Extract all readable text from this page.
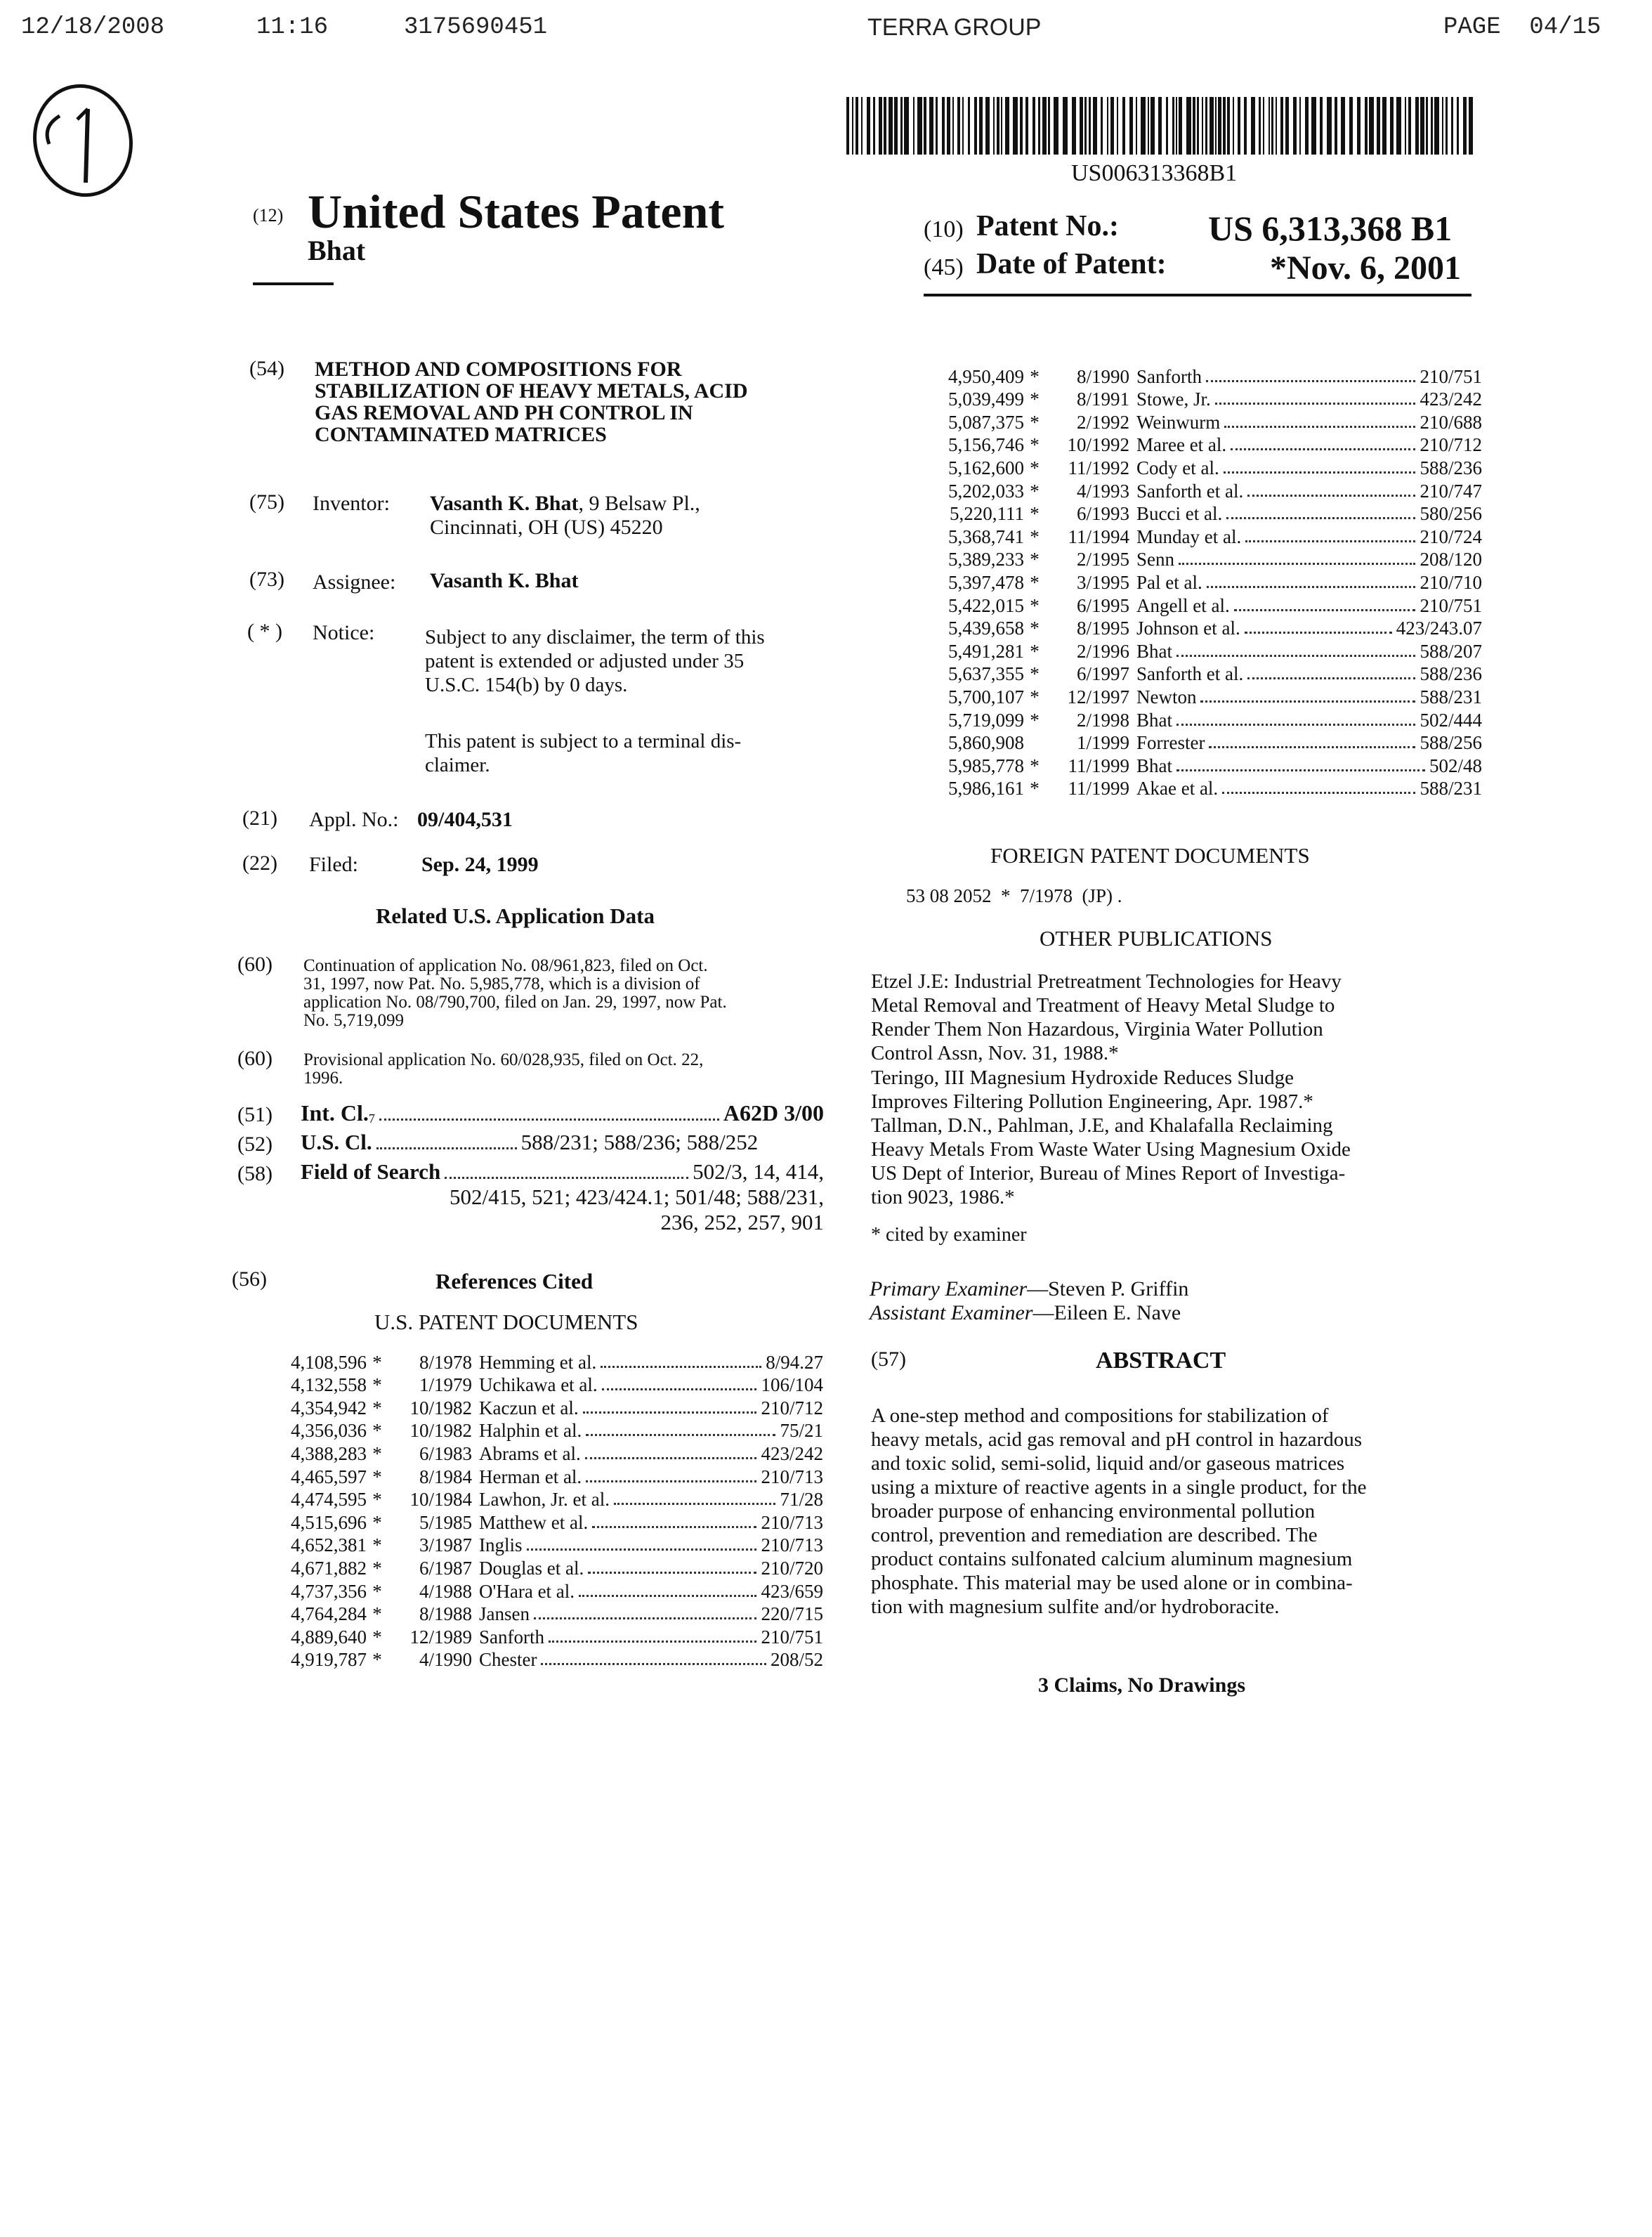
12/18/2008	11:16	3175690451	TERRA GROUP	PAGE  04/15
US006313368B1
(12) United States Patent
Bhat
(10) Patent No.:	US 6,313,368 B1
(45) Date of Patent:	*Nov. 6, 2001
(54) METHOD AND COMPOSITIONS FOR
STABILIZATION OF HEAVY METALS, ACID
GAS REMOVAL AND PH CONTROL IN
CONTAMINATED MATRICES
(75) Inventor: Vasanth K. Bhat, 9 Belsaw Pl.,
Cincinnati, OH (US) 45220
(73) Assignee: Vasanth K. Bhat
( * ) Notice: Subject to any disclaimer, the term of this
patent is extended or adjusted under 35
U.S.C. 154(b) by 0 days.
This patent is subject to a terminal dis-
claimer.
(21) Appl. No.: 09/404,531
(22) Filed:	Sep. 24, 1999
Related U.S. Application Data
(60) Continuation of application No. 08/961,823, filed on Oct.
31, 1997, now Pat. No. 5,985,778, which is a division of
application No. 08/790,700, filed on Jan. 29, 1997, now Pat.
No. 5,719,099
(60) Provisional application No. 60/028,935, filed on Oct. 22,
1996.
(51) Int. $Cl._7$	A62D 3/00
(52) U.S. Cl.	588/231; 588/236; 588/252
(58) Field of Search	502/3, 14, 414,
502/415, 521; 423/424.1; 501/48; 588/231,
236, 252, 257, 901
(56)	References Cited
U.S. PATENT DOCUMENTS
4,108,596 *	8/1978 Hemming et al.	8/94.27
4,132,558 *	1/1979 Uchikawa et al.	106/104
4,354,942 *	10/1982 Kaczun et al.	210/712
4,356,036 *	10/1982 Halphin et al.	75/21
4,388,283 *	6/1983 Abrams et al.	423/242
4,465,597 *	8/1984 Herman et al.	210/713
4,474,595 *	10/1984 Lawhon, Jr. et al.	71/28
4,515,696 *	5/1985 Matthew et al.	210/713
4,652,381 *	3/1987 Inglis	210/713
4,671,882 *	6/1987 Douglas et al.	210/720
4,737,356 *	4/1988 O'Hara et al.	423/659
4,764,284 *	8/1988 Jansen	220/715
4,889,640 *	12/1989 Sanforth	210/751
4,919,787 *	4/1990 Chester	208/52
4,950,409 *	8/1990 Sanforth	210/751
5,039,499 *	8/1991 Stowe, Jr.	423/242
5,087,375 *	2/1992 Weinwurm	210/688
5,156,746 *	10/1992 Maree et al.	210/712
5,162,600 *	11/1992 Cody et al.	588/236
5,202,033 *	4/1993 Sanforth et al.	210/747
5,220,111 *	6/1993 Bucci et al.	580/256
5,368,741 *	11/1994 Munday et al.	210/724
5,389,233 *	2/1995 Senn	208/120
5,397,478 *	3/1995 Pal et al.	210/710
5,422,015 *	6/1995 Angell et al.	210/751
5,439,658 *	8/1995 Johnson et al.	423/243.07
5,491,281 *	2/1996 Bhat	588/207
5,637,355 *	6/1997 Sanforth et al.	588/236
5,700,107 *	12/1997 Newton	588/231
5,719,099 *	2/1998 Bhat	502/444
5,860,908	1/1999 Forrester	588/256
5,985,778 *	11/1999 Bhat	502/48
5,986,161 *	11/1999 Akae et al.	588/231
FOREIGN PATENT DOCUMENTS
53 08 2052  *  7/1978  (JP) .
OTHER PUBLICATIONS
Etzel J.E: Industrial Pretreatment Technologies for Heavy
Metal Removal and Treatment of Heavy Metal Sludge to
Render Them Non Hazardous, Virginia Water Pollution
Control Assn, Nov. 31, 1988.*
Teringo, III Magnesium Hydroxide Reduces Sludge
Improves Filtering Pollution Engineering, Apr. 1987.*
Tallman, D.N., Pahlman, J.E, and Khalafalla Reclaiming
Heavy Metals From Waste Water Using Magnesium Oxide
US Dept of Interior, Bureau of Mines Report of Investiga-
tion 9023, 1986.*
* cited by examiner
Primary Examiner—Steven P. Griffin
Assistant Examiner—Eileen E. Nave
(57)	ABSTRACT
A one-step method and compositions for stabilization of
heavy metals, acid gas removal and pH control in hazardous
and toxic solid, semi-solid, liquid and/or gaseous matrices
using a mixture of reactive agents in a single product, for the
broader purpose of enhancing environmental pollution
control, prevention and remediation are described. The
product contains sulfonated calcium aluminum magnesium
phosphate. This material may be used alone or in combina-
tion with magnesium sulfite and/or hydroboracite.
3 Claims, No Drawings
